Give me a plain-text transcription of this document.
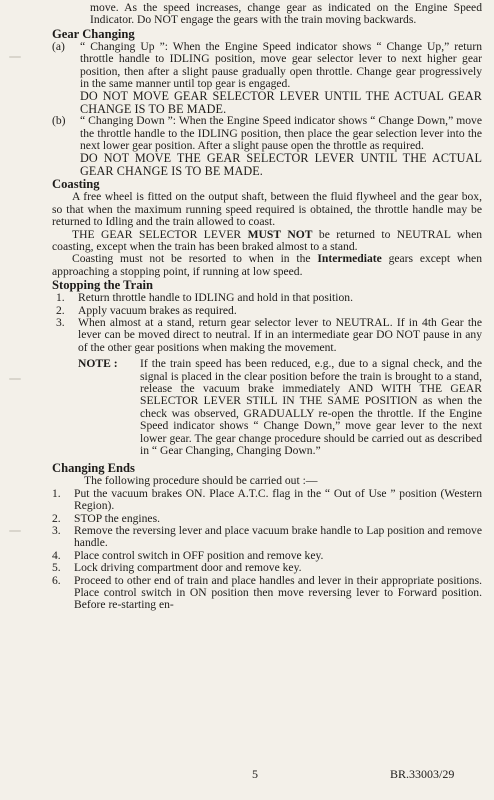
move. As the speed increases, change gear as indicated on the Engine Speed Indicator. Do NOT engage the gears with the train moving backwards.

Gear Changing

(a)	“ Changing Up ”: When the Engine Speed indicator shows “ Change Up,” return throttle handle to IDLING position, move gear selector lever to next higher gear position, then after a slight pause gradually open throttle. Change gear progressively in the same manner until top gear is engaged.

DO NOT MOVE GEAR SELECTOR LEVER UNTIL THE ACTUAL GEAR CHANGE IS TO BE MADE.

(b)	“ Changing Down ”: When the Engine Speed indicator shows “ Change Down,” move the throttle handle to the IDLING position, then place the gear selection lever into the next lower gear position. After a slight pause open the throttle as required.

DO NOT MOVE THE GEAR SELECTOR LEVER UNTIL THE ACTUAL GEAR CHANGE IS TO BE MADE.

Coasting

A free wheel is fitted on the output shaft, between the fluid flywheel and the gear box, so that when the maximum running speed required is obtained, the throttle handle may be returned to Idling and the train allowed to coast.

THE GEAR SELECTOR LEVER MUST NOT be returned to NEUTRAL when coasting, except when the train has been braked almost to a stand.

Coasting must not be resorted to when in the Intermediate gears except when approaching a stopping point, if running at low speed.

Stopping the Train

1.	Return throttle handle to IDLING and hold in that position.

2.	Apply vacuum brakes as required.

3.	When almost at a stand, return gear selector lever to NEUTRAL. If in 4th Gear the lever can be moved direct to neutral. If in an intermediate gear DO NOT pause in any of the other gear positions when making the movement.

NOTE :	If the train speed has been reduced, e.g., due to a signal check, and the signal is placed in the clear position before the train is brought to a stand, release the vacuum brake immediately AND WITH THE GEAR SELECTOR LEVER STILL IN THE SAME POSITION as when the check was observed, GRADUALLY re-open the throttle. If the Engine Speed indicator shows “ Change Down,” move gear lever to the next lower gear. The gear change procedure should be carried out as described in “ Gear Changing, Changing Down.”

Changing Ends

The following procedure should be carried out :—

1.	Put the vacuum brakes ON. Place A.T.C. flag in the “ Out of Use ” position (Western Region).

2.	STOP the engines.

3.	Remove the reversing lever and place vacuum brake handle to Lap position and remove handle.

4.	Place control switch in OFF position and remove key.

5.	Lock driving compartment door and remove key.

6.	Proceed to other end of train and place handles and lever in their appropriate positions. Place control switch in ON position then move reversing lever to Forward position. Before re-starting en-

5	BR.33003/29
